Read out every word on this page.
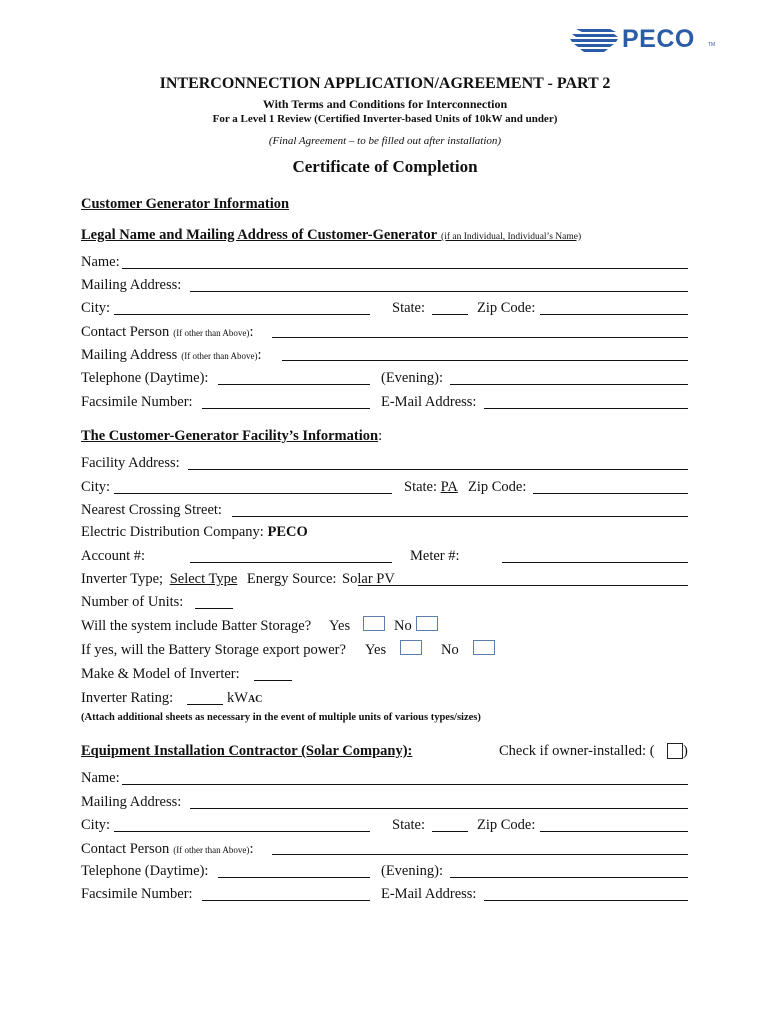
PECO	TM
INTERCONNECTION APPLICATION/AGREEMENT - PART 2
With Terms and Conditions for Interconnection
For a Level 1 Review (Certified Inverter-based Units of 10kW and under)
(Final Agreement – to be filled out after installation)
Certificate of Completion
Customer Generator Information
Legal Name and Mailing Address of Customer-Generator (if an Individual, Individual’s Name)
Name:
Mailing Address:
City:	State:	Zip Code:
Contact Person (If other than Above):
Mailing Address (If other than Above):
Telephone (Daytime):	(Evening):
Facsimile Number:	E-Mail Address:
The Customer-Generator Facility’s Information:
Facility Address:
City:	State: PA Zip Code:
Nearest Crossing Street:
Electric Distribution Company: PECO
Account #:	Meter #:
Inverter Type; Select Type Energy Source: Solar PV
Number of Units:
Will the system include Batter Storage? Yes	No
If yes, will the Battery Storage export power? Yes	No
Make & Model of Inverter:
Inverter Rating:	kWAC
(Attach additional sheets as necessary in the event of multiple units of various types/sizes)
Equipment Installation Contractor (Solar Company):	Check if owner-installed: ( )
Name:
Mailing Address:
City:	State:	Zip Code:
Contact Person (If other than Above):
Telephone (Daytime):	(Evening):
Facsimile Number:	E-Mail Address:
